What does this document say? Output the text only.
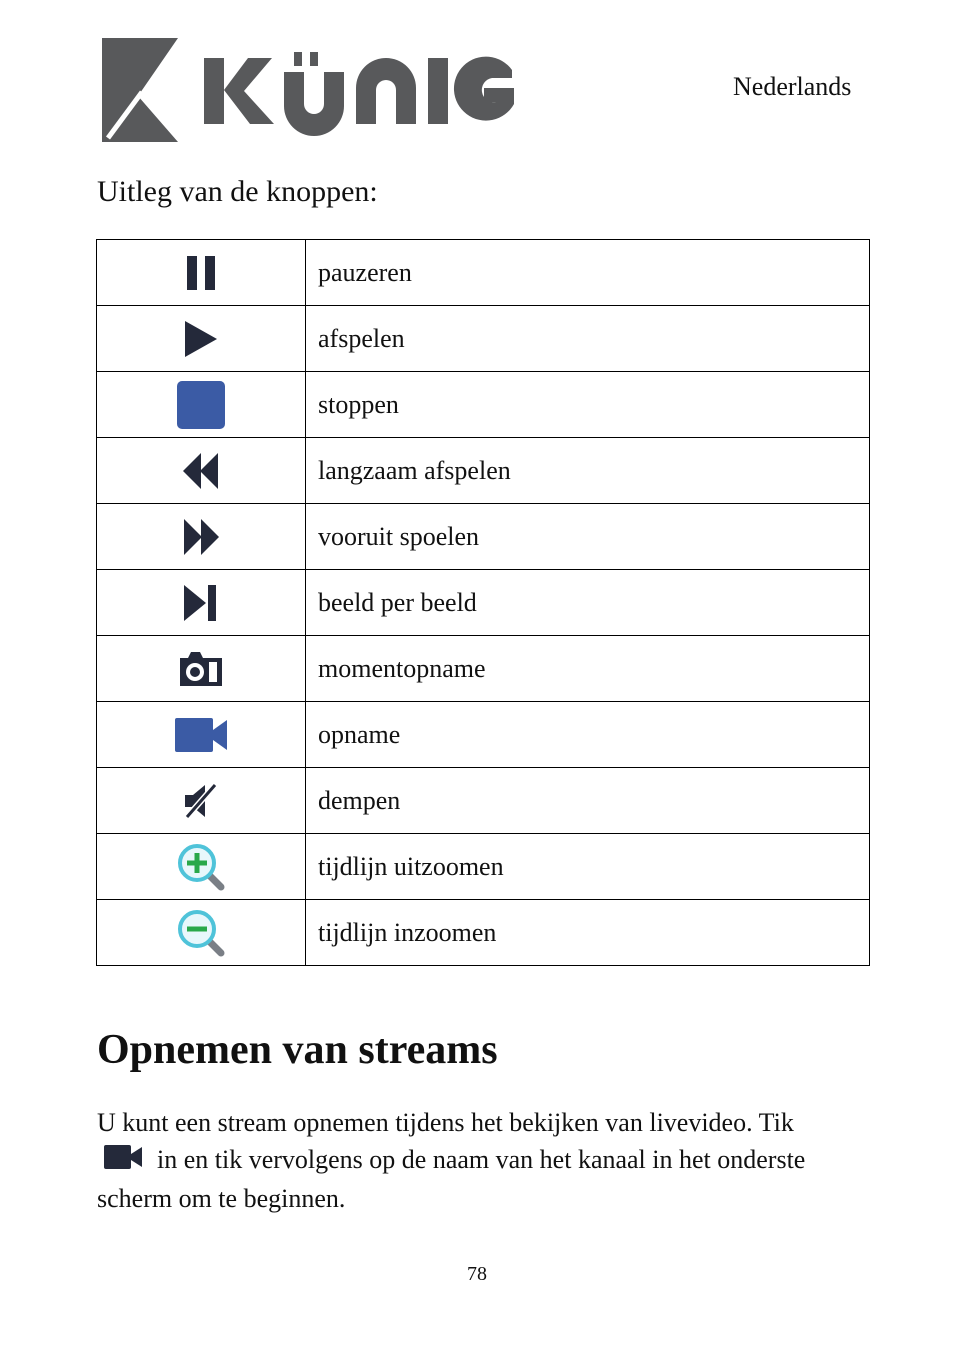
Nederlands
Uitleg van de knoppen:
	pauzeren

	afspelen

	stoppen

	langzaam afspelen

	vooruit spoelen

	beeld per beeld

	momentopname

	opname

	dempen

	tijdlijn uitzoomen

	tijdlijn inzoomen
Opnemen van streams
U kunt een stream opnemen tijdens het bekijken van livevideo. Tik
in en tik vervolgens op de naam van het kanaal in het onderste scherm om te beginnen.
78
